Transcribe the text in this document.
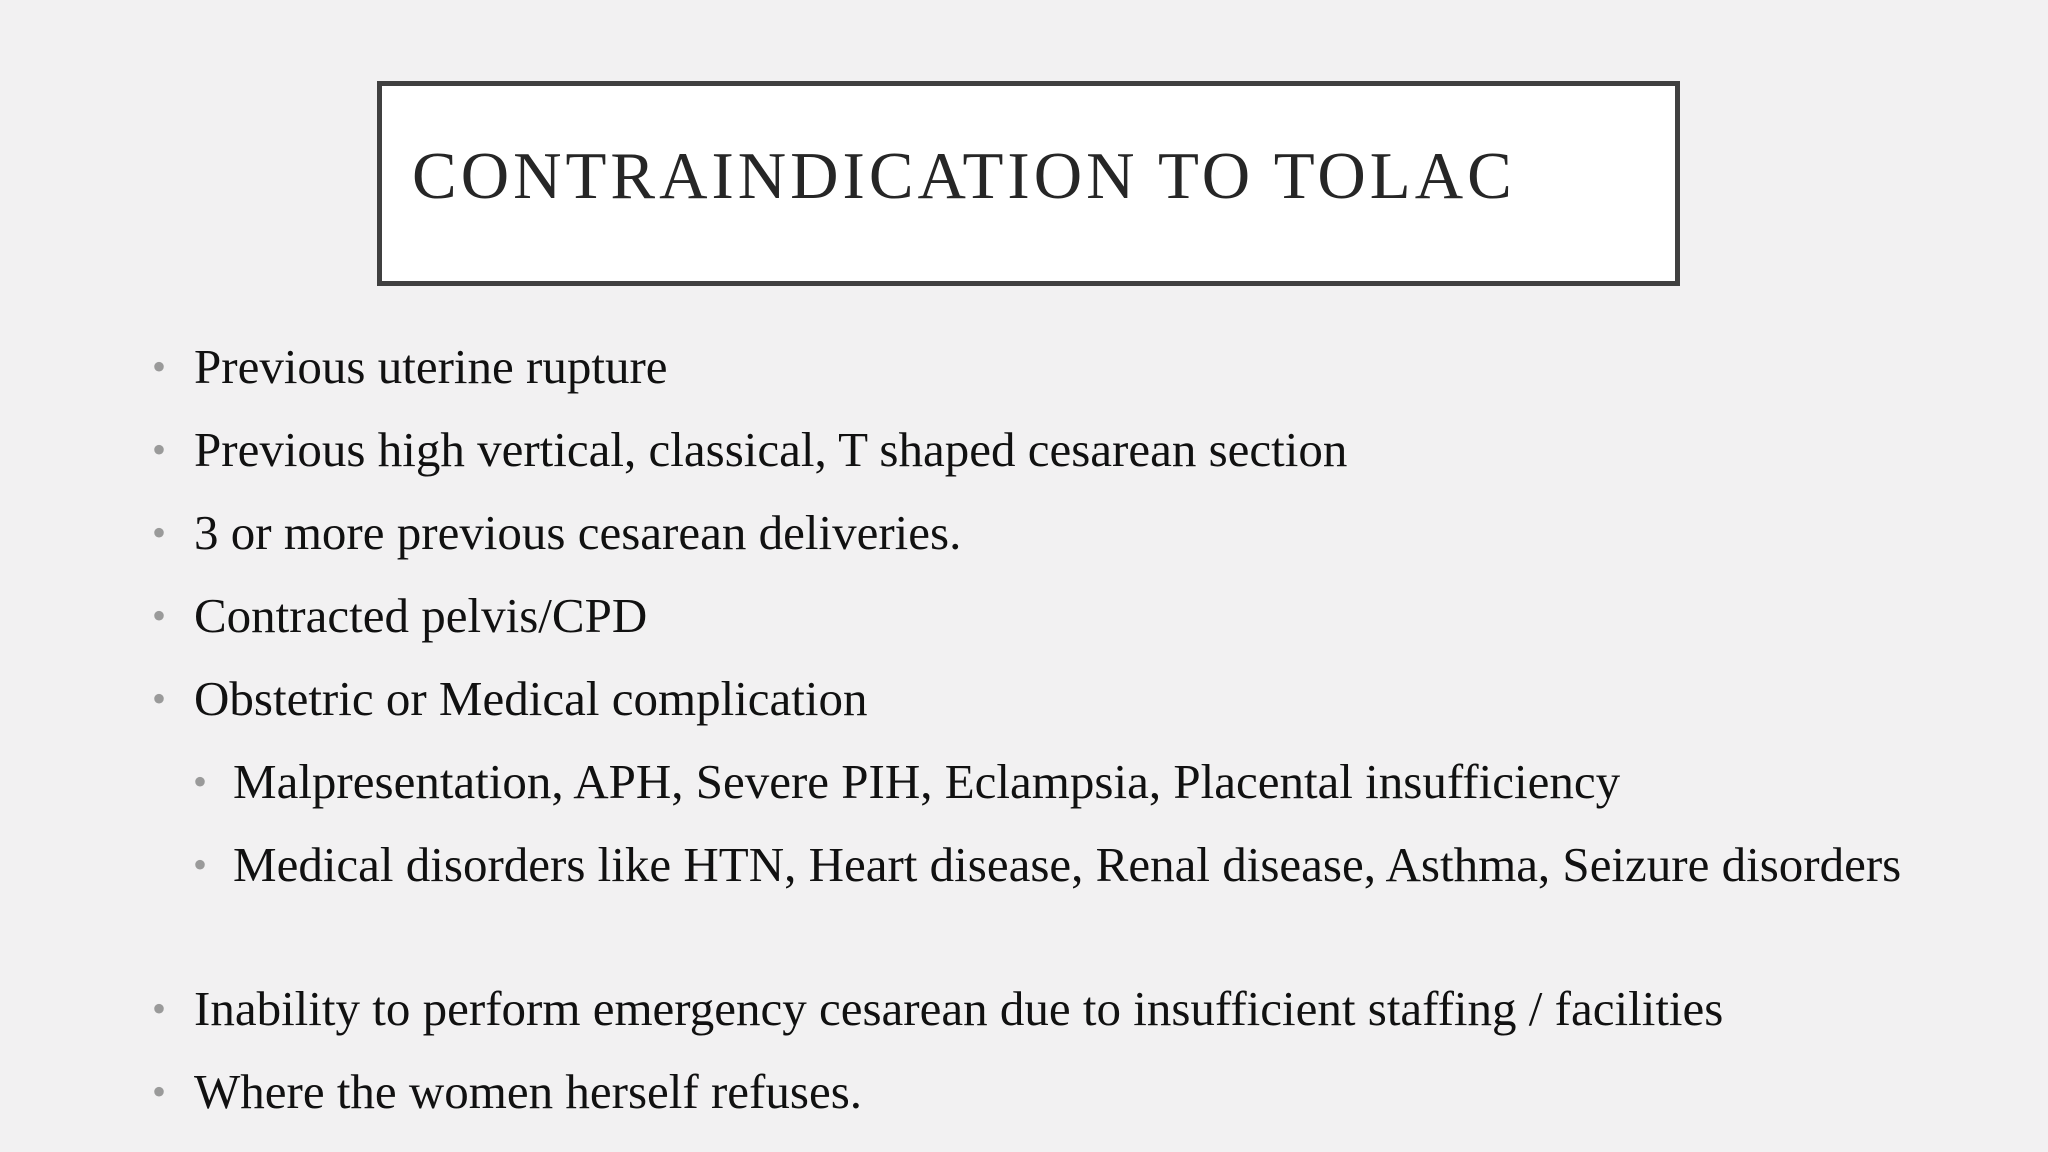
CONTRAINDICATION TO TOLAC
• Previous uterine rupture
• Previous high vertical, classical, T shaped cesarean section
• 3 or more previous cesarean deliveries.
• Contracted pelvis/CPD
• Obstetric or Medical complication
• Malpresentation, APH, Severe PIH, Eclampsia, Placental insufficiency
• Medical disorders like HTN, Heart disease, Renal disease, Asthma, Seizure disorders
• Inability to perform emergency cesarean due to insufficient staffing / facilities
• Where the women herself refuses.
